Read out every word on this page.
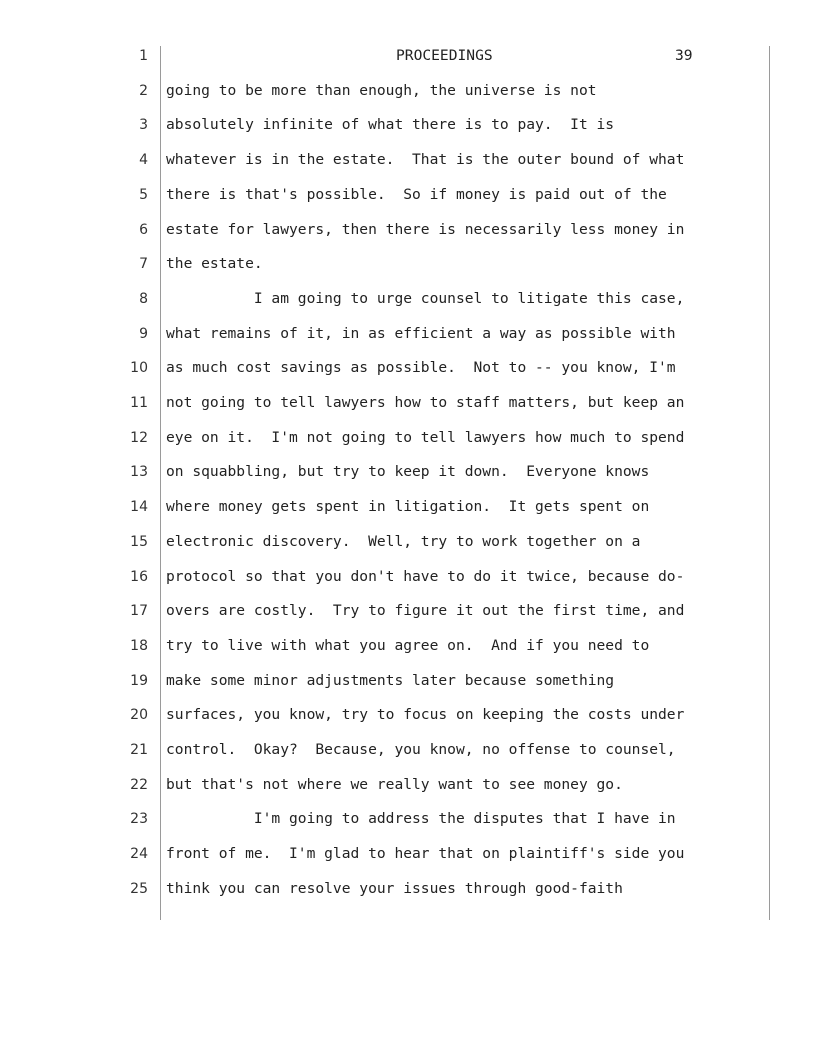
PROCEEDINGS	39
1
2 going to be more than enough, the universe is not
3 absolutely infinite of what there is to pay.  It is
4 whatever is in the estate.  That is the outer bound of what
5 there is that's possible.  So if money is paid out of the
6 estate for lawyers, then there is necessarily less money in
7 the estate.
8 I am going to urge counsel to litigate this case,
9 what remains of it, in as efficient a way as possible with
10 as much cost savings as possible.  Not to -- you know, I'm
11 not going to tell lawyers how to staff matters, but keep an
12 eye on it.  I'm not going to tell lawyers how much to spend
13 on squabbling, but try to keep it down.  Everyone knows
14 where money gets spent in litigation.  It gets spent on
15 electronic discovery.  Well, try to work together on a
16 protocol so that you don't have to do it twice, because do-
17 overs are costly.  Try to figure it out the first time, and
18 try to live with what you agree on.  And if you need to
19 make some minor adjustments later because something
20 surfaces, you know, try to focus on keeping the costs under
21 control.  Okay?  Because, you know, no offense to counsel,
22 but that's not where we really want to see money go.
23 I'm going to address the disputes that I have in
24 front of me.  I'm glad to hear that on plaintiff's side you
25 think you can resolve your issues through good-faith
